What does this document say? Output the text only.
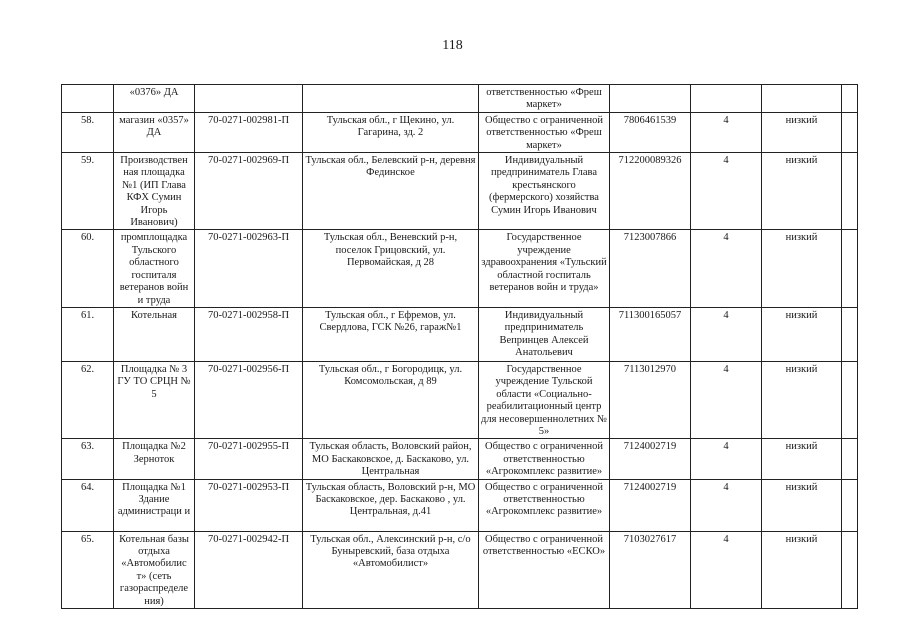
118
	«0376» ДА			ответственностью «Фреш маркет»				
58.	магазин «0357» ДА	70-0271-002981-П	Тульская обл., г Щекино, ул. Гагарина, зд. 2	Общество с ограниченной ответственностью «Фреш маркет»	7806461539	4	низкий	
59.	Производствен ная площадка №1 (ИП Глава КФХ Сумин Игорь Иванович)	70-0271-002969-П	Тульская обл., Белевский р-н, деревня Фединское	Индивидуальный предприниматель Глава крестьянского (фермерского) хозяйства Сумин Игорь Иванович	712200089326	4	низкий	
60.	промплощадка Тульского областного госпиталя ветеранов войн и труда	70-0271-002963-П	Тульская обл., Веневский р-н, поселок Грицовский, ул. Первомайская, д 28	Государственное учреждение здравоохранения «Тульский областной госпиталь ветеранов войн и труда»	7123007866	4	низкий	
61.	Котельная	70-0271-002958-П	Тульская обл., г Ефремов, ул. Свердлова, ГСК №26, гараж№1	Индивидуальный предприниматель Вепринцев Алексей Анатольевич	711300165057	4	низкий	
62.	Площадка № 3 ГУ ТО СРЦН № 5	70-0271-002956-П	Тульская обл., г Богородицк, ул. Комсомольская, д 89	Государственное учреждение Тульской области «Социально-реабилитационный центр для несовершеннолетних № 5»	7113012970	4	низкий	
63.	Площадка №2 Зерноток	70-0271-002955-П	Тульская область, Воловский район, МО Баскаковское, д. Баскаково, ул. Центральная	Общество с ограниченной ответственностью «Агрокомплекс развитие»	7124002719	4	низкий	
64.	Площадка №1 Здание администраци и	70-0271-002953-П	Тульская область, Воловский р-н, МО Баскаковское, дер. Баскаково , ул. Центральная, д.41	Общество с ограниченной ответственностью «Агрокомплекс развитие»	7124002719	4	низкий	
65.	Котельная базы отдыха «Автомобилис т» (сеть газораспределе ния)	70-0271-002942-П	Тульская обл., Алексинский р-н, с/о Буныревский, база отдыха «Автомобилист»	Общество с ограниченной ответственностью «ЕСКО»	7103027617	4	низкий	
